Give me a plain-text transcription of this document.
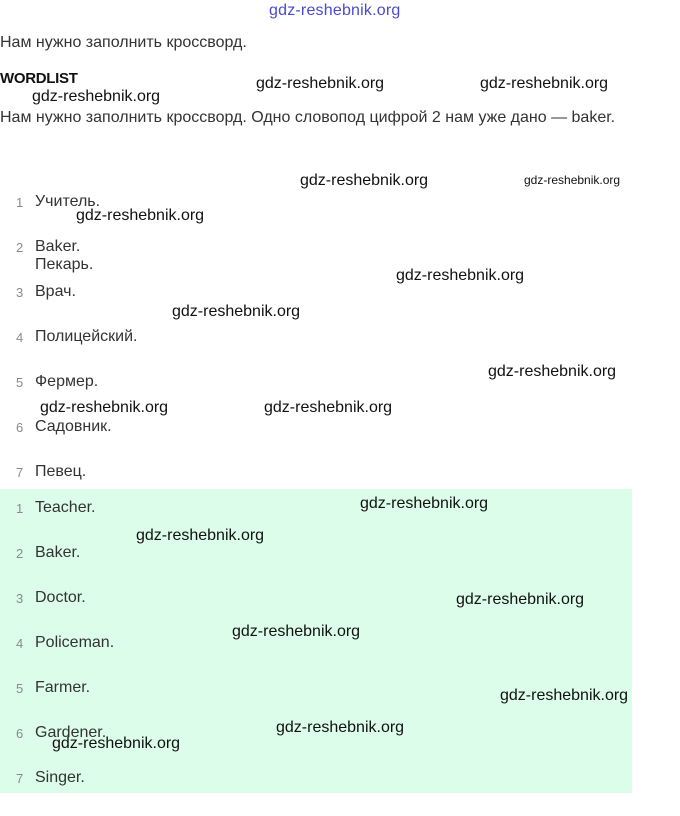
gdz-reshebnik.org
Нам нужно заполнить кроссворд.
WORDLIST
Нам нужно заполнить кроссворд. Одно словопод цифрой 2 нам уже дано — baker.
1 Учитель.
2 Baker. Пекарь.
3 Врач.
4 Полицейский.
5 Фермер.
6 Садовник.
7 Певец.
1 Teacher.
2 Baker.
3 Doctor.
4 Policeman.
5 Farmer.
6 Gardener.
7 Singer.
gdz-reshebnik.org	gdz-reshebnik.org
gdz-reshebnik.org
gdz-reshebnik.org	gdz-reshebnik.org
gdz-reshebnik.org
gdz-reshebnik.org
gdz-reshebnik.org
gdz-reshebnik.org
gdz-reshebnik.org	gdz-reshebnik.org
gdz-reshebnik.org
gdz-reshebnik.org
gdz-reshebnik.org
gdz-reshebnik.org
gdz-reshebnik.org
gdz-reshebnik.org
gdz-reshebnik.org
